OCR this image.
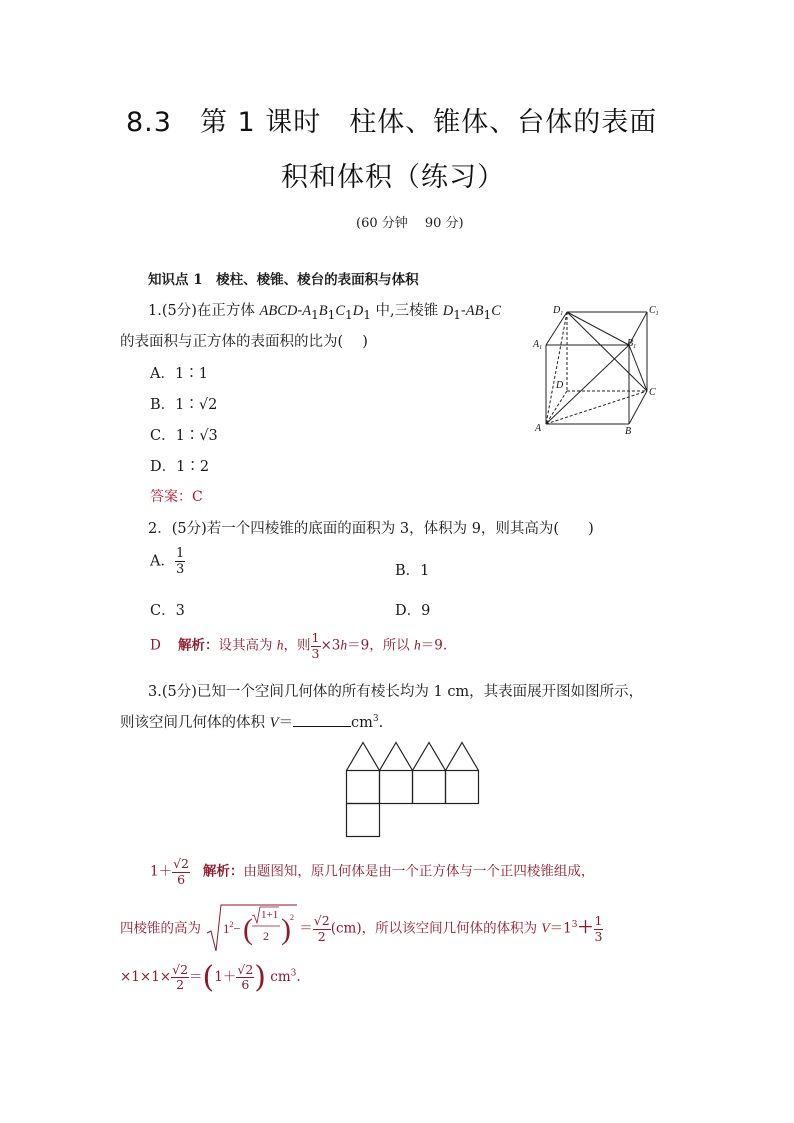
8.3　第 1 课时　柱体、锥体、台体的表面
积和体积（练习）
(60 分钟　 90 分)
知识点 1　棱柱、棱锥、棱台的表面积与体积
1.(5分)在正方体 ABCD-$A_1B_1C_1D_1$ 中,三棱锥 $D_1-AB_1C$
的表面积与正方体的表面积的比为(　 )
A．1∶1
B．1∶√2
C．1∶√3
D．1∶2
答案：C
$D_1$	$C_1$
$A_1$	$B_1$
D
C
A	B
2．(5分)若一个四棱锥的底面的面积为 3，体积为 9，则其高为(　　)
A． $\frac{1}{3}$	B．1
C．3	D．9
D 解析：设其高为 h，则 $\frac{1}{3} \times 3h=9$，所以 h＝9.
3.(5分)已知一个空间几何体的所有棱长均为 1 cm，其表面展开图如图所示，
则该空间几何体的体积 V＝	$cm^3$.
$1+ \frac{√2}{6}$ 解析：由题图知，原几何体是由一个正方体与一个正四棱锥组成，
四棱锥的高为 $1^2-$ ( 1+1
2 ) 2
＝ $\frac{√2}{2} (cm)$，所以该空间几何体的体积为 $V=1^3+ \frac{1}{3}$
$\times 1\times 1\times \frac{√2}{2} =(1+ \frac{√2}{6}$ ) $cm^3$.
